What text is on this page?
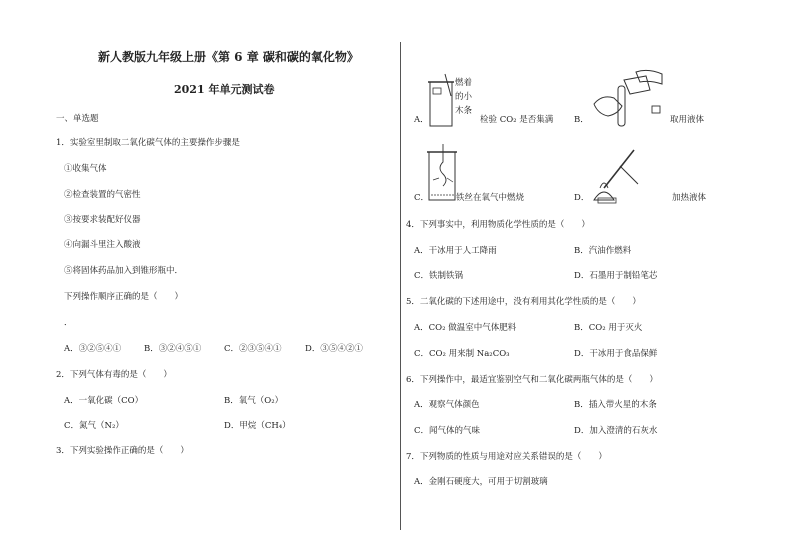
新人教版九年级上册《第 6 章 碳和碳的氧化物》
2021 年单元测试卷
一、单选题
1．实验室里制取二氧化碳气体的主要操作步骤是
①收集气体
②检查装置的气密性
③按要求装配好仪器
④向漏斗里注入酸液
⑤将固体药品加入到锥形瓶中．
下列操作顺序正确的是（　　）
．
A．③②⑤④①	B．③②④⑤①	C．②③⑤④①	D．③⑤④②①
2．下列气体有毒的是（　　）
A．一氧化碳（CO）	B．氧气（O₂）
C．氮气（N₂）	D．甲烷（CH₄）
3．下列实验操作正确的是（　　）
A．
燃着
的小
木条
检验 CO₂ 是否集满 B．	取用液体
C．	铁丝在氧气中燃烧	D．	加热液体
4．下列事实中，利用物质化学性质的是（　　）
A．干冰用于人工降雨	B．汽油作燃料
C．铁制铁锅	D．石墨用于制铅笔芯
5．二氧化碳的下述用途中，没有利用其化学性质的是（　　）
A．CO₂ 做温室中气体肥料	B．CO₂ 用于灭火
C．CO₂ 用来制 Na₂CO₃	D．干冰用于食品保鲜
6．下列操作中，最适宜鉴别空气和二氧化碳两瓶气体的是（　　）
A．观察气体颜色	B．插入带火星的木条
C．闻气体的气味	D．加入澄清的石灰水
7．下列物质的性质与用途对应关系错误的是（　　）
A．金刚石硬度大，可用于切割玻璃
